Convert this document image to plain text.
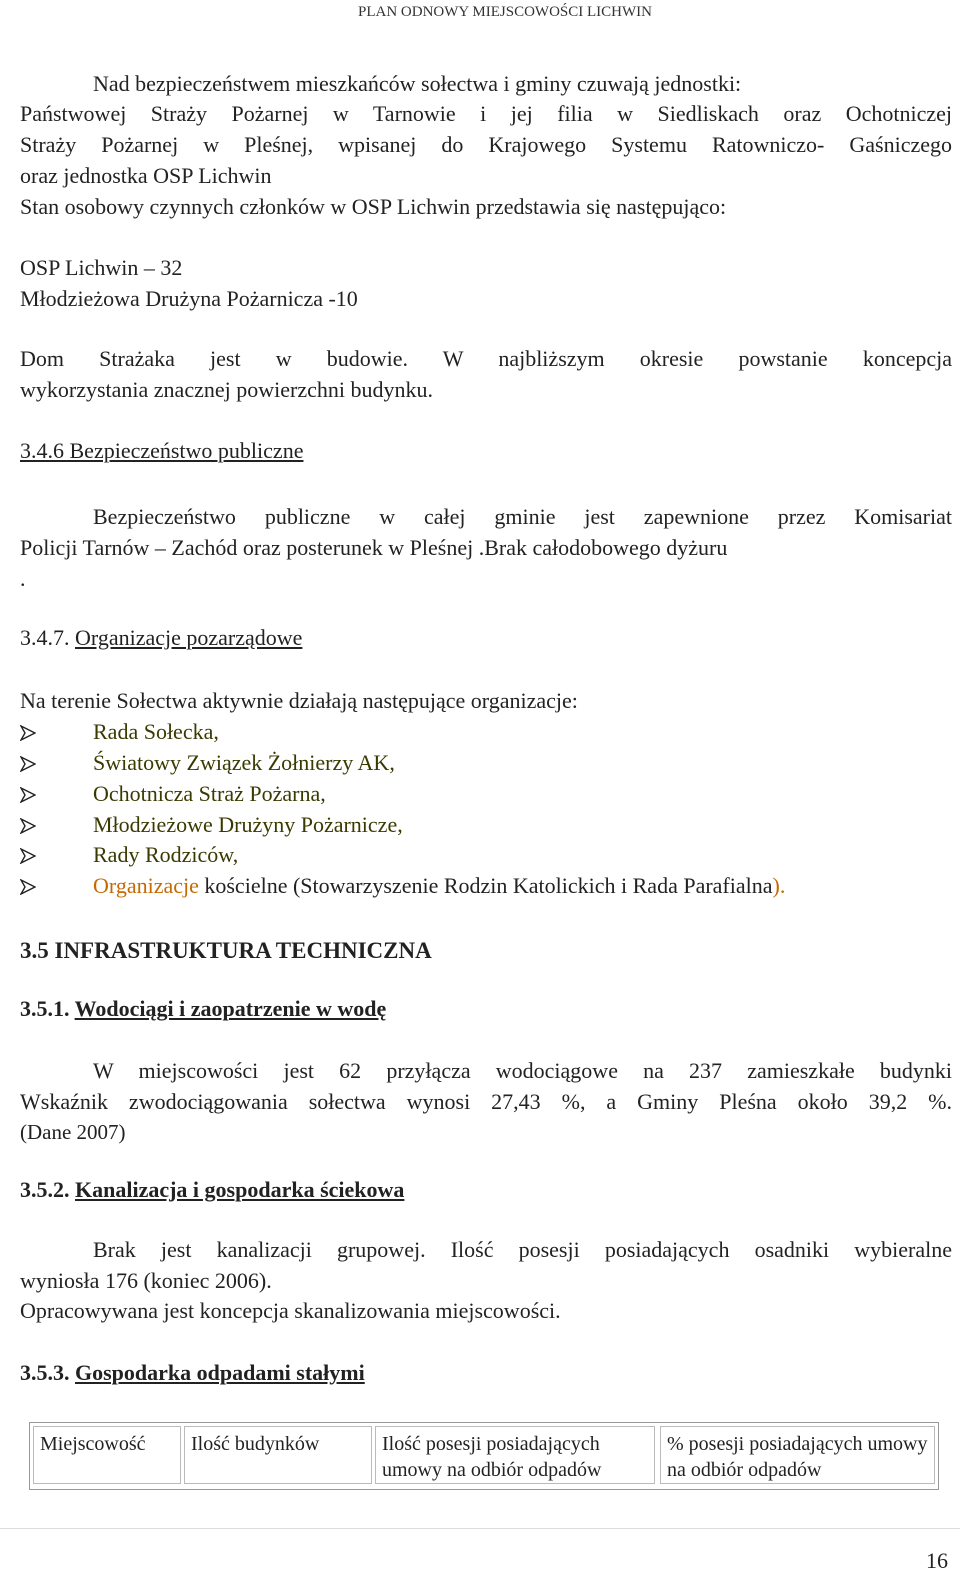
PLAN ODNOWY MIEJSCOWOŚCI LICHWIN
Nad bezpieczeństwem mieszkańców sołectwa i gminy czuwają jednostki:
Państwowej Straży Pożarnej w Tarnowie i jej filia w Siedliskach oraz Ochotniczej
Straży Pożarnej w Pleśnej, wpisanej do Krajowego Systemu Ratowniczo- Gaśniczego
oraz jednostka OSP Lichwin
Stan osobowy czynnych członków w OSP Lichwin przedstawia się następująco:
OSP Lichwin – 32
Młodzieżowa Drużyna Pożarnicza -10
Dom Strażaka jest w budowie. W najbliższym okresie powstanie koncepcja
wykorzystania znacznej powierzchni budynku.
3.4.6 Bezpieczeństwo publiczne
Bezpieczeństwo publiczne w całej gminie jest zapewnione przez Komisariat
Policji Tarnów – Zachód oraz posterunek w Pleśnej .Brak całodobowego dyżuru
.
3.4.7. Organizacje pozarządowe
Na terenie Sołectwa aktywnie działają następujące organizacje:
Rada Sołecka,
Światowy Związek Żołnierzy AK,
Ochotnicza Straż Pożarna,
Młodzieżowe Drużyny Pożarnicze,
Rady Rodziców,
Organizacje kościelne (Stowarzyszenie Rodzin Katolickich i Rada Parafialna).
3.5 INFRASTRUKTURA TECHNICZNA
3.5.1. Wodociągi i zaopatrzenie w wodę
W miejscowości jest 62 przyłącza wodociągowe na 237 zamieszkałe budynki
Wskaźnik zwodociągowania sołectwa wynosi 27,43 %, a Gminy Pleśna około 39,2 %.
(Dane 2007)
3.5.2. Kanalizacja i gospodarka ściekowa
Brak jest kanalizacji grupowej. Ilość posesji posiadających osadniki wybieralne
wyniosła 176 (koniec 2006).
Opracowywana jest koncepcja skanalizowania miejscowości.
3.5.3. Gospodarka odpadami stałymi
Miejscowość	Ilość budynków	Ilość posesji posiadających umowy na odbiór odpadów
% posesji posiadających umowy na odbiór odpadów
16
